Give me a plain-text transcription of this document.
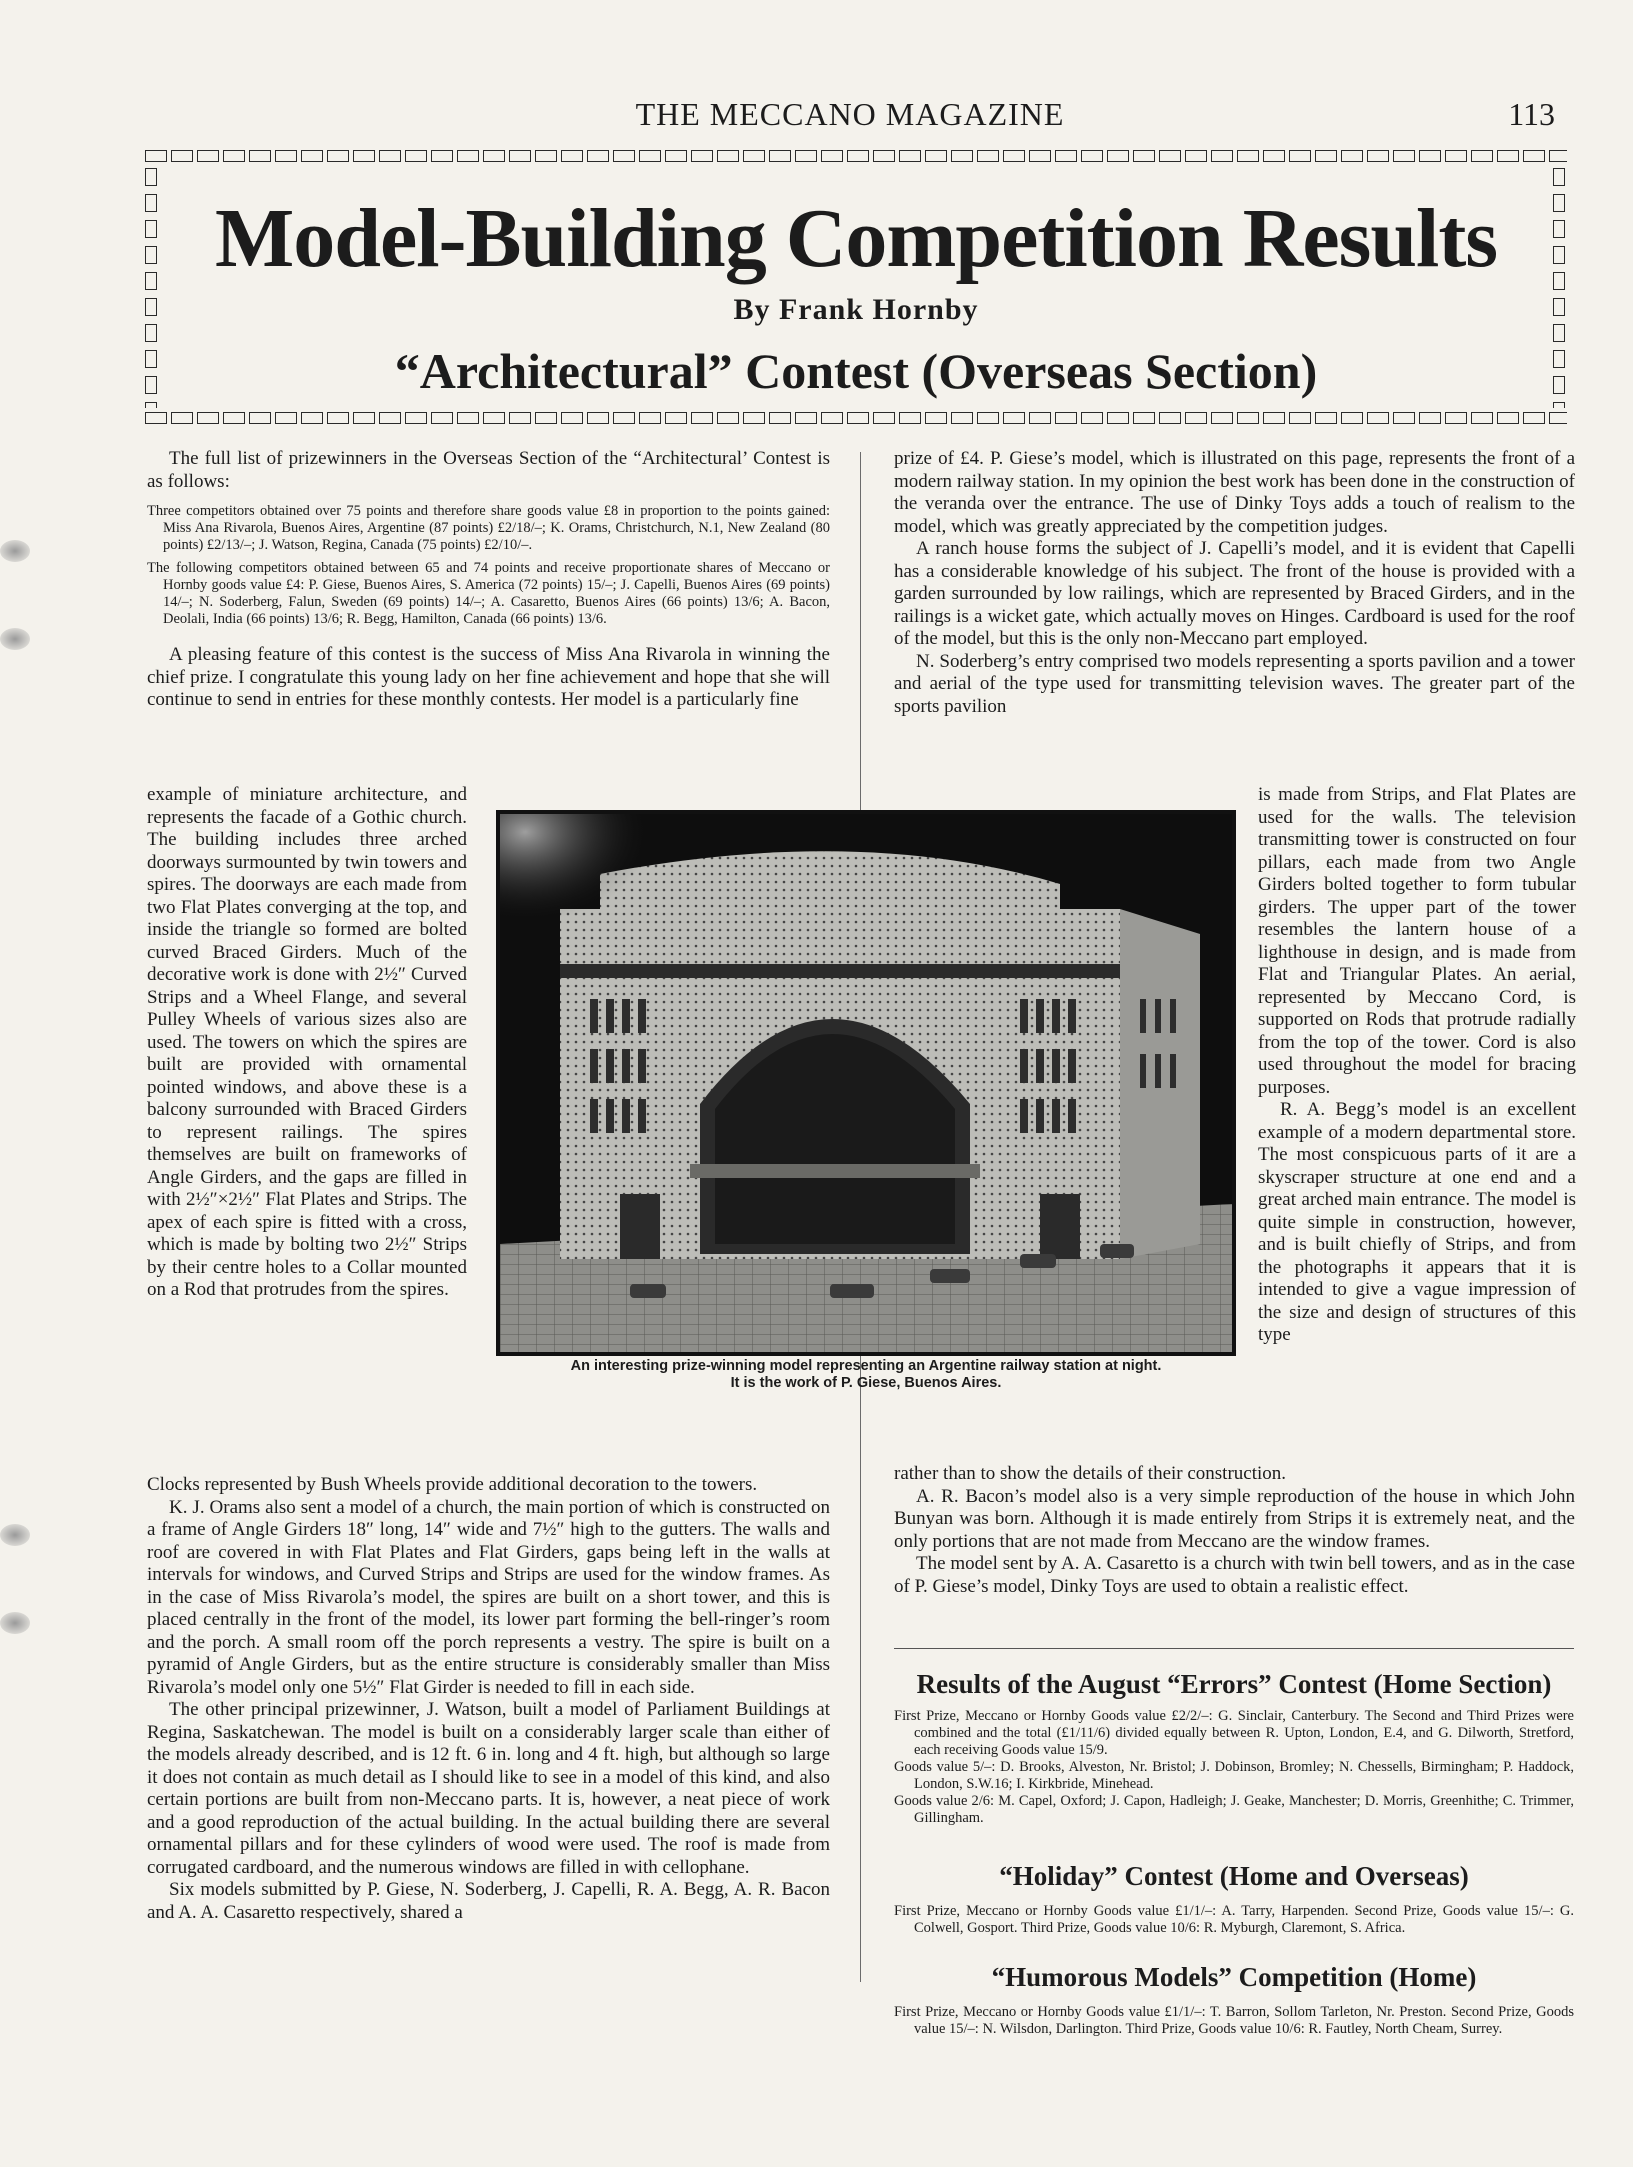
THE MECCANO MAGAZINE	113
Model-Building Competition Results
By Frank Hornby
“Architectural” Contest (Overseas Section)

The full list of prizewinners in the Overseas Section of the “Architectural’ Contest is as follows:

Three competitors obtained over 75 points and therefore share goods value £8 in proportion to the points gained: Miss Ana Rivarola, Buenos Aires, Argentine (87 points) £2/18/–; K. Orams, Christchurch, N.1, New Zealand (80 points) £2/13/–; J. Watson, Regina, Canada (75 points) £2/10/–.

The following competitors obtained between 65 and 74 points and receive proportionate shares of Meccano or Hornby goods value £4: P. Giese, Buenos Aires, S. America (72 points) 15/–; J. Capelli, Buenos Aires (69 points) 14/–; N. Soderberg, Falun, Sweden (69 points) 14/–; A. Casaretto, Buenos Aires (66 points) 13/6; A. Bacon, Deolali, India (66 points) 13/6; R. Begg, Hamilton, Canada (66 points) 13/6.

A pleasing feature of this contest is the success of Miss Ana Rivarola in winning the chief prize. I congratulate this young lady on her fine achievement and hope that she will continue to send in entries for these monthly contests. Her model is a particularly fine

example of miniature architecture, and represents the facade of a Gothic church. The building includes three arched doorways surmounted by twin towers and spires. The doorways are each made from two Flat Plates converging at the top, and inside the triangle so formed are bolted curved Braced Girders. Much of the decorative work is done with 2½″ Curved Strips and a Wheel Flange, and several Pulley Wheels of various sizes also are used. The towers on which the spires are built are provided with ornamental pointed windows, and above these is a balcony surrounded with Braced Girders to represent railings. The spires themselves are built on frameworks of Angle Girders, and the gaps are filled in with 2½″×2½″ Flat Plates and Strips. The apex of each spire is fitted with a cross, which is made by bolting two 2½″ Strips by their centre holes to a Collar mounted on a Rod that protrudes from the spires.

Clocks represented by Bush Wheels provide additional decoration to the towers.

K. J. Orams also sent a model of a church, the main portion of which is constructed on a frame of Angle Girders 18″ long, 14″ wide and 7½″ high to the gutters. The walls and roof are covered in with Flat Plates and Flat Girders, gaps being left in the walls at intervals for windows, and Curved Strips and Strips are used for the window frames. As in the case of Miss Rivarola’s model, the spires are built on a short tower, and this is placed centrally in the front of the model, its lower part forming the bell-ringer’s room and the porch. A small room off the porch represents a vestry. The spire is built on a pyramid of Angle Girders, but as the entire structure is considerably smaller than Miss Rivarola’s model only one 5½″ Flat Girder is needed to fill in each side.

The other principal prizewinner, J. Watson, built a model of Parliament Buildings at Regina, Saskatchewan. The model is built on a considerably larger scale than either of the models already described, and is 12 ft. 6 in. long and 4 ft. high, but although so large it does not contain as much detail as I should like to see in a model of this kind, and also certain portions are built from non-Meccano parts. It is, however, a neat piece of work and a good reproduction of the actual building. In the actual building there are several ornamental pillars and for these cylinders of wood were used. The roof is made from corrugated cardboard, and the numerous windows are filled in with cellophane.

Six models submitted by P. Giese, N. Soderberg, J. Capelli, R. A. Begg, A. R. Bacon and A. A. Casaretto respectively, shared a

prize of £4. P. Giese’s model, which is illustrated on this page, represents the front of a modern railway station. In my opinion the best work has been done in the construction of the veranda over the entrance. The use of Dinky Toys adds a touch of realism to the model, which was greatly appreciated by the competition judges.

A ranch house forms the subject of J. Capelli’s model, and it is evident that Capelli has a considerable knowledge of his subject. The front of the house is provided with a garden surrounded by low railings, which are represented by Braced Girders, and in the railings is a wicket gate, which actually moves on Hinges. Cardboard is used for the roof of the model, but this is the only non-Meccano part employed.

N. Soderberg’s entry comprised two models representing a sports pavilion and a tower and aerial of the type used for transmitting television waves. The greater part of the sports pavilion

is made from Strips, and Flat Plates are used for the walls. The television transmitting tower is constructed on four pillars, each made from two Angle Girders bolted together to form tubular girders. The upper part of the tower resembles the lantern house of a lighthouse in design, and is made from Flat and Triangular Plates. An aerial, represented by Meccano Cord, is supported on Rods that protrude radially from the top of the tower. Cord is also used throughout the model for bracing purposes.

R. A. Begg’s model is an excellent example of a modern departmental store. The most conspicuous parts of it are a skyscraper structure at one end and a great arched main entrance. The model is quite simple in construction, however, and is built chiefly of Strips, and from the photographs it appears that it is intended to give a vague impression of the size and design of structures of this type

rather than to show the details of their construction.

A. R. Bacon’s model also is a very simple reproduction of the house in which John Bunyan was born. Although it is made entirely from Strips it is extremely neat, and the only portions that are not made from Meccano are the window frames.

The model sent by A. A. Casaretto is a church with twin bell towers, and as in the case of P. Giese’s model, Dinky Toys are used to obtain a realistic effect.

An interesting prize-winning model representing an Argentine railway station at night.
It is the work of P. Giese, Buenos Aires.
Results of the August “Errors” Contest (Home Section)

First Prize, Meccano or Hornby Goods value £2/2/–: G. Sinclair, Canterbury. The Second and Third Prizes were combined and the total (£1/11/6) divided equally between R. Upton, London, E.4, and G. Dilworth, Stretford, each receiving Goods value 15/9.

Goods value 5/–: D. Brooks, Alveston, Nr. Bristol; J. Dobinson, Bromley; N. Chessells, Birmingham; P. Haddock, London, S.W.16; I. Kirkbride, Minehead.

Goods value 2/6: M. Capel, Oxford; J. Capon, Hadleigh; J. Geake, Manchester; D. Morris, Greenhithe; C. Trimmer, Gillingham.

“Holiday” Contest (Home and Overseas)

First Prize, Meccano or Hornby Goods value £1/1/–: A. Tarry, Harpenden. Second Prize, Goods value 15/–: G. Colwell, Gosport. Third Prize, Goods value 10/6: R. Myburgh, Claremont, S. Africa.

“Humorous Models” Competition (Home)

First Prize, Meccano or Hornby Goods value £1/1/–: T. Barron, Sollom Tarleton, Nr. Preston. Second Prize, Goods value 15/–: N. Wilsdon, Darlington. Third Prize, Goods value 10/6: R. Fautley, North Cheam, Surrey.
